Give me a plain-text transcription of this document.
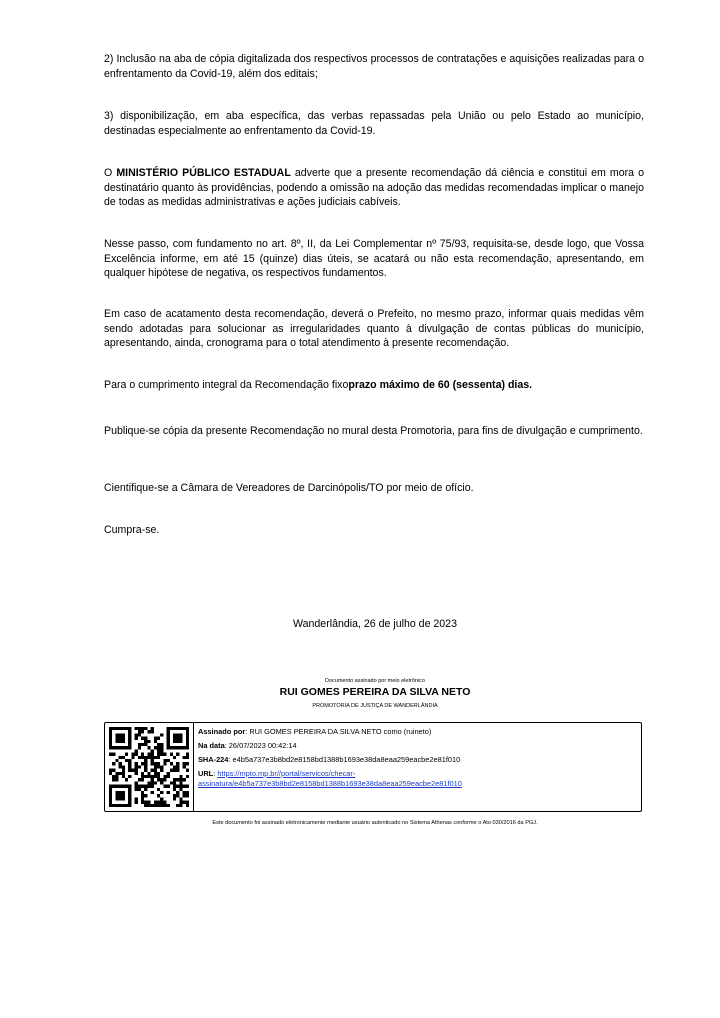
2) Inclusão na aba de cópia digitalizada dos respectivos processos de contratações e aquisições realizadas para o enfrentamento da Covid-19, além dos editais;

3) disponibilização, em aba específica, das verbas repassadas pela União ou pelo Estado ao município, destinadas especialmente ao enfrentamento da Covid-19.

O MINISTÉRIO PÚBLICO ESTADUAL adverte que a presente recomendação dá ciência e constitui em mora o destinatário quanto às providências, podendo a omissão na adoção das medidas recomendadas implicar o manejo de todas as medidas administrativas e ações judiciais cabíveis.

Nesse passo, com fundamento no art. 8º, II, da Lei Complementar nº 75/93, requisita-se, desde logo, que Vossa Excelência informe, em até 15 (quinze) dias úteis, se acatará ou não esta recomendação, apresentando, em qualquer hipótese de negativa, os respectivos fundamentos.

Em caso de acatamento desta recomendação, deverá o Prefeito, no mesmo prazo, informar quais medidas vêm sendo adotadas para solucionar as irregularidades quanto à divulgação de contas públicas do município, apresentando, ainda, cronograma para o total atendimento à presente recomendação.

Para o cumprimento integral da Recomendação fixoprazo máximo de 60 (sessenta) dias.

Publique-se cópia da presente Recomendação no mural desta Promotoria, para fins de divulgação e cumprimento.

Cientifique-se a Câmara de Vereadores de Darcinópolis/TO por meio de ofício.

Cumpra-se.

Wanderlândia, 26 de julho de 2023
Documento assinado por meio eletrônico
RUI GOMES PEREIRA DA SILVA NETO
PROMOTORIA DE JUSTIÇA DE WANDERLÂNDIA
Assinado por: RUI GOMES PEREIRA DA SILVA NETO como (ruineto)
Na data: 26/07/2023 00:42:14
SHA-224: e4b5a737e3b8bd2e8158bd1388b1693e38da8eaa259eacbe2e81f010
URL: https://mpto.mp.br//portal/servicos/checar-
assinatura/e4b5a737e3b8bd2e8158bd1388b1693e38da8eaa259eacbe2e81f010
Este documento foi assinado eletronicamente mediante usuário autenticado no Sistema Athenas conforme o Ato 030/2016 da PGJ.
